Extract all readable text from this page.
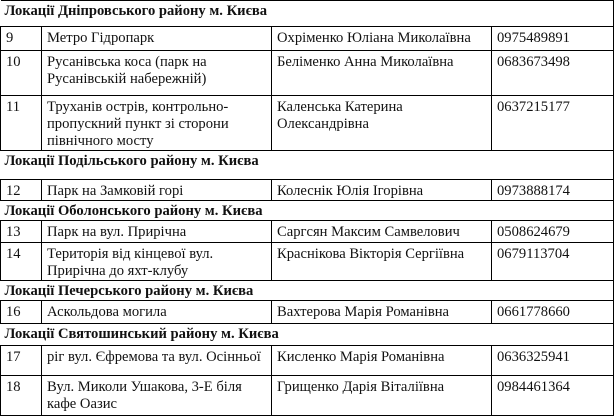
Локації Дніпровського району м. Києва			
9	Метро Гідропарк	Охріменко Юліана Миколаївна	0975489891
10	Русанівська коса (парк на Русанівській набережній)	Беліменко Анна Миколаївна	0683673498
11	Труханів острів, контрольно-пропускний пункт зі сторони північного мосту	Каленська Катерина Олександрівна	0637215177
Локації Подільського району м. Києва			
12	Парк на Замковій горі	Колеснік Юлія Ігорівна	0973888174
Локації Оболонського району м. Києва			
13	Парк на вул. Прирічна	Саргсян Максим Самвелович	0508624679
14	Територія від кінцевої вул. Прирічна до яхт-клубу	Краснікова Вікторія Сергіївна	0679113704
Локації Печерського району м. Києва			
16	Аскольдова могила	Вахтерова Марія Романівна	0661778660
Локації Святошинський району м. Києва			
17	ріг вул. Єфремова та вул. Осінньої	Кисленко Марія Романівна	0636325941
18	Вул. Миколи Ушакова, 3-Е біля кафе Оазис	Грищенко Дарія Віталіївна	0984461364
